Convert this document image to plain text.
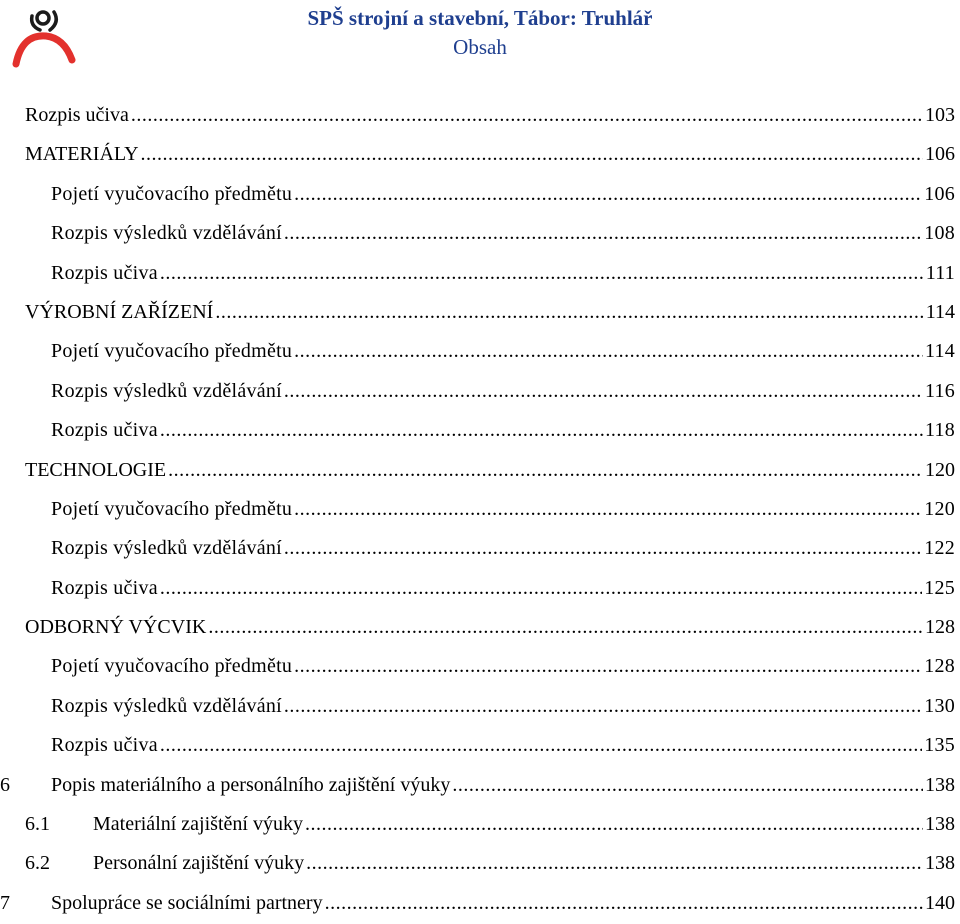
SPŠ strojní a stavební, Tábor: Truhlář
Obsah
Rozpis učiva .....	103
MATERIÁLY .....	106
Pojetí vyučovacího předmětu .....	106
Rozpis výsledků vzdělávání .....	108
Rozpis učiva .....	111
VÝROBNÍ ZAŘÍZENÍ .....	114
Pojetí vyučovacího předmětu .....	114
Rozpis výsledků vzdělávání .....	116
Rozpis učiva .....	118
TECHNOLOGIE .....	120
Pojetí vyučovacího předmětu .....	120
Rozpis výsledků vzdělávání .....	122
Rozpis učiva .....	125
ODBORNÝ VÝCVIK .....	128
Pojetí vyučovacího předmětu .....	128
Rozpis výsledků vzdělávání .....	130
Rozpis učiva .....	135
6 Popis materiálního a personálního zajištění výuky .....	138
6.1 Materiální zajištění výuky .....	138
6.2 Personální zajištění výuky .....	138
7 Spolupráce se sociálními partnery .....	140
